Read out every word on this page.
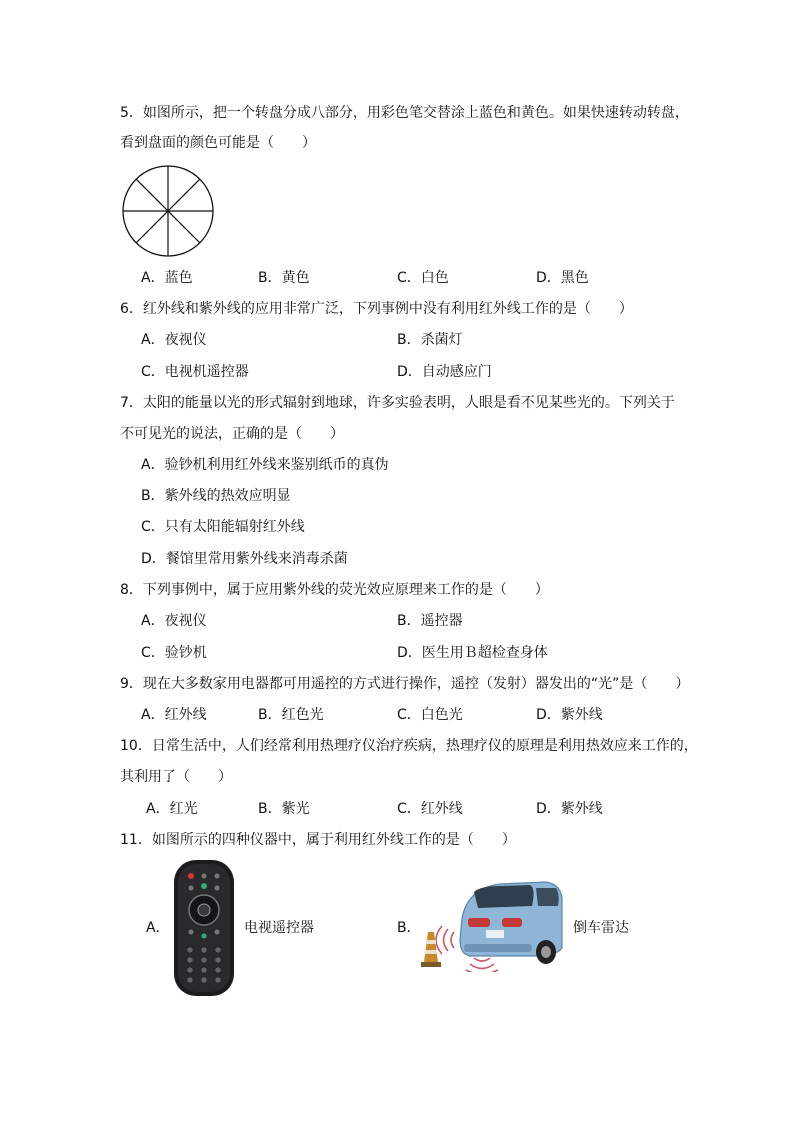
5．如图所示，把一个转盘分成八部分，用彩色笔交替涂上蓝色和黄色。如果快速转动转盘，
看到盘面的颜色可能是（　　）
A．蓝色	B．黄色	C．白色	D．黑色
6．红外线和紫外线的应用非常广泛，下列事例中没有利用红外线工作的是（　　）
A．夜视仪	B．杀菌灯
C．电视机遥控器	D．自动感应门
7．太阳的能量以光的形式辐射到地球，许多实验表明，人眼是看不见某些光的。下列关于
不可见光的说法，正确的是（　　）
A．验钞机利用红外线来鉴别纸币的真伪
B．紫外线的热效应明显
C．只有太阳能辐射红外线
D．餐馆里常用紫外线来消毒杀菌
8．下列事例中，属于应用紫外线的荧光效应原理来工作的是（　　）
A．夜视仪	B．遥控器
C．验钞机	D．医生用Ｂ超检查身体
9．现在大多数家用电器都可用遥控的方式进行操作，遥控（发射）器发出的“光”是（　　）
A．红外线	B．红色光	C．白色光	D．紫外线
10．日常生活中，人们经常利用热理疗仪治疗疾病，热理疗仪的原理是利用热效应来工作的，
其利用了（　　）
A．红光	B．紫光	C．红外线	D．紫外线
11．如图所示的四种仪器中，属于利用红外线工作的是（　　）
A．	电视遥控器	B．	倒车雷达
